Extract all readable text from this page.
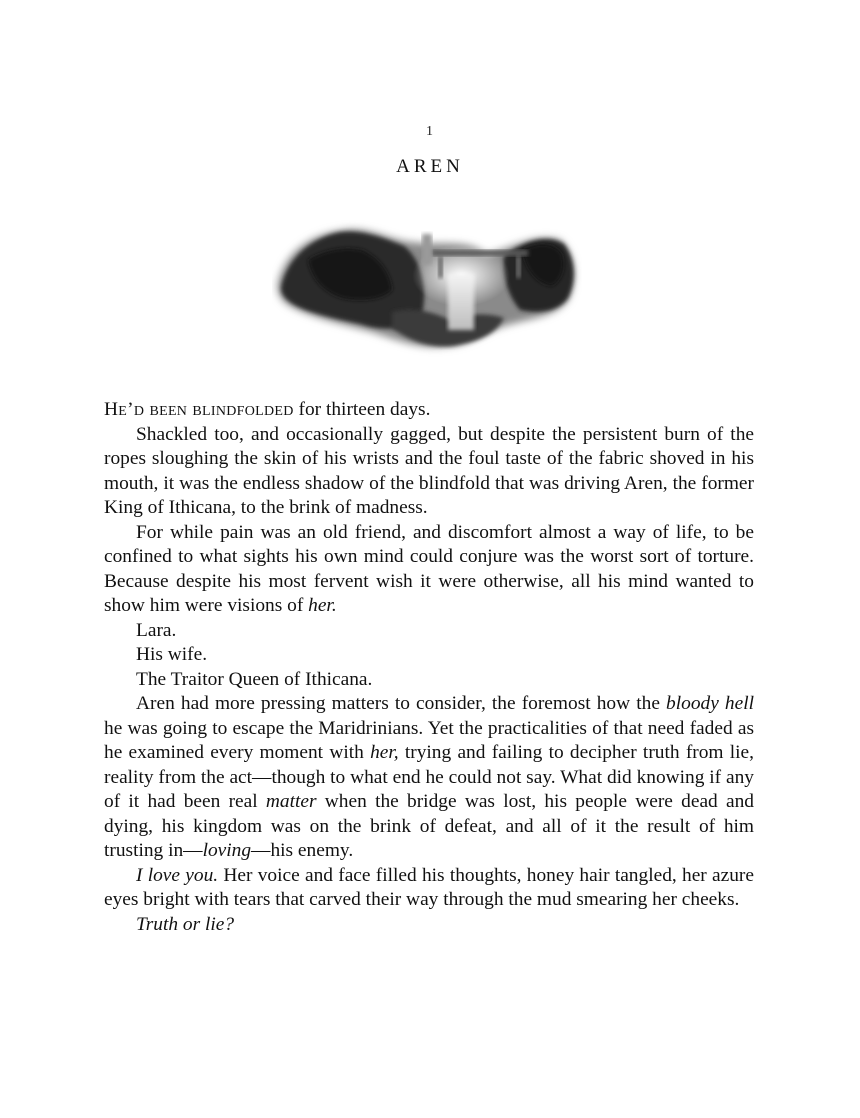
1
AREN

He’d been blindfolded for thirteen days.

Shackled too, and occasionally gagged, but despite the persistent burn of the ropes sloughing the skin of his wrists and the foul taste of the fabric shoved in his mouth, it was the endless shadow of the blindfold that was driving Aren, the former King of Ithicana, to the brink of madness.

For while pain was an old friend, and discomfort almost a way of life, to be confined to what sights his own mind could conjure was the worst sort of torture. Because despite his most fervent wish it were otherwise, all his mind wanted to show him were visions of her.

Lara.

His wife.

The Traitor Queen of Ithicana.

Aren had more pressing matters to consider, the foremost how the bloody hell he was going to escape the Maridrinians. Yet the practicalities of that need faded as he examined every moment with her, trying and failing to decipher truth from lie, reality from the act—though to what end he could not say. What did knowing if any of it had been real matter when the bridge was lost, his people were dead and dying, his kingdom was on the brink of defeat, and all of it the result of him trusting in—loving—his enemy.

I love you. Her voice and face filled his thoughts, honey hair tangled, her azure eyes bright with tears that carved their way through the mud smearing her cheeks.

Truth or lie?
